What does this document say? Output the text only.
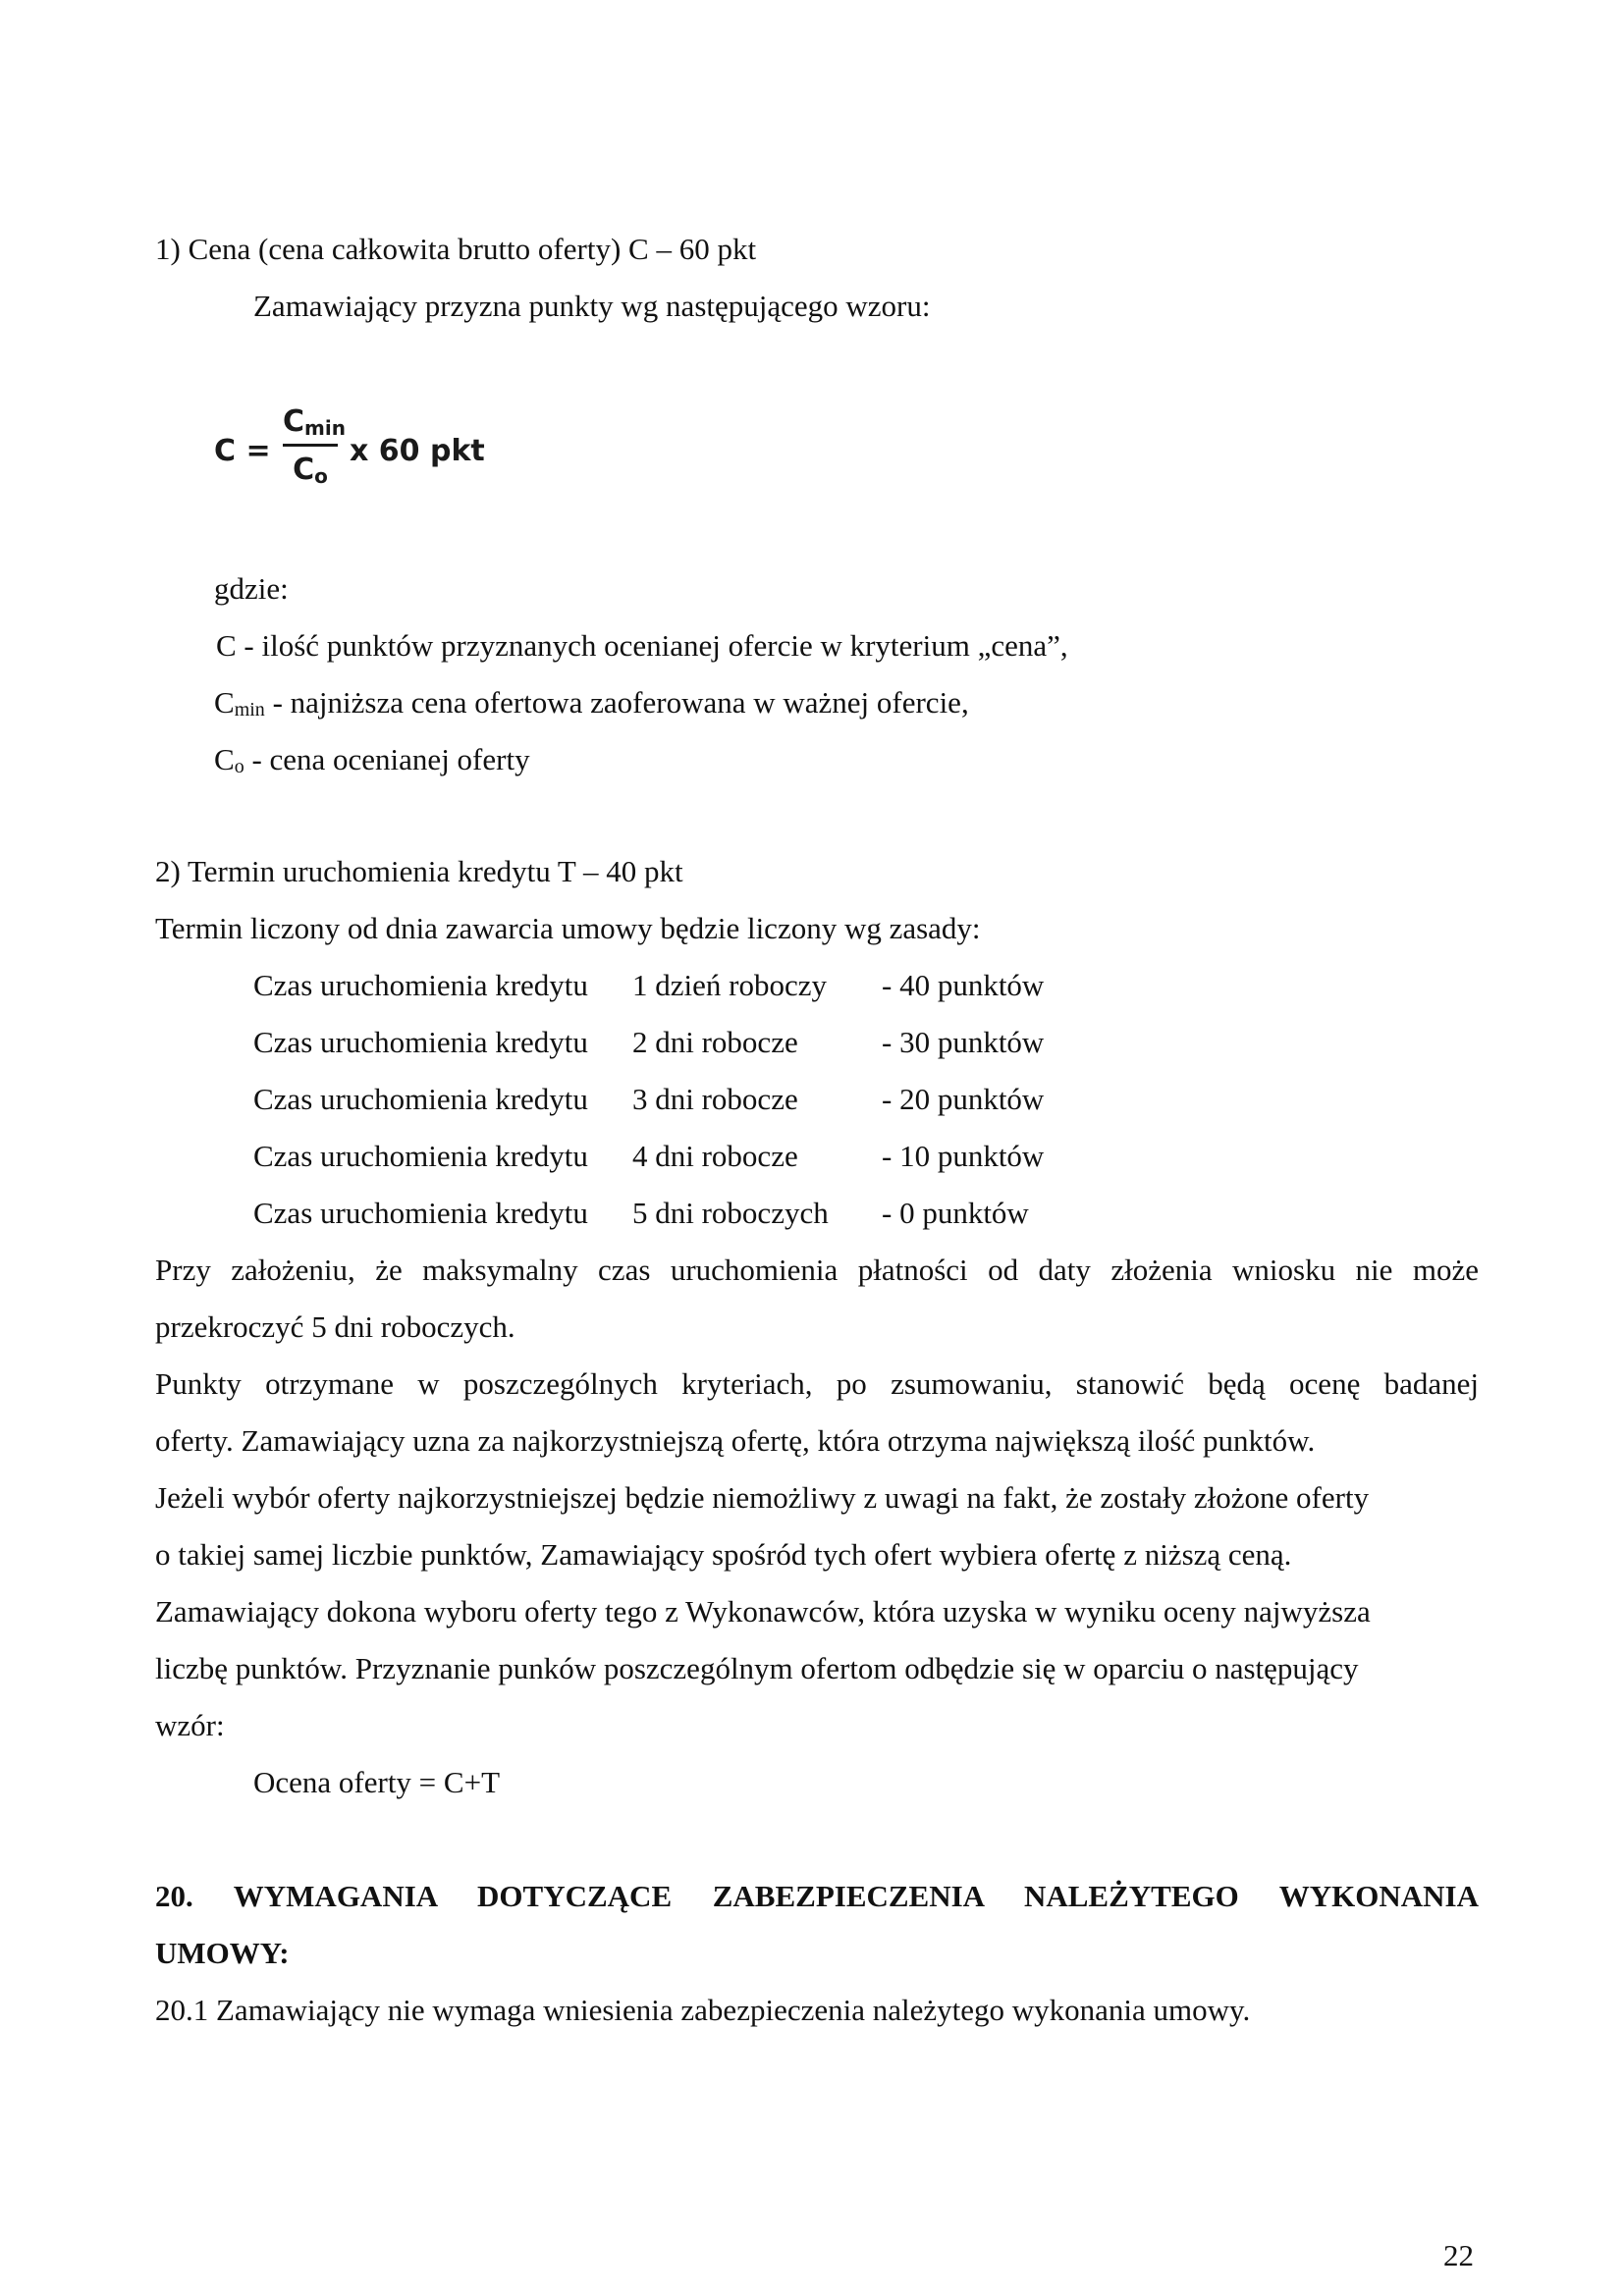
1) Cena (cena całkowita brutto oferty) C – 60 pkt
Zamawiający przyzna punkty wg następującego wzoru:
C =
$C_{min}$
$C_o$
x 60 pkt
gdzie:
C - ilość punktów przyznanych ocenianej ofercie w kryterium „cena”,
Cmin - najniższa cena ofertowa zaoferowana w ważnej ofercie,
Co - cena ocenianej oferty
2) Termin uruchomienia kredytu T – 40 pkt
Termin liczony od dnia zawarcia umowy będzie liczony wg zasady:
Czas uruchomienia kredytu 1 dzień roboczy - 40 punktów
Czas uruchomienia kredytu 2 dni robocze	- 30 punktów
Czas uruchomienia kredytu 3 dni robocze	- 20 punktów
Czas uruchomienia kredytu 4 dni robocze	- 10 punktów
Czas uruchomienia kredytu 5 dni roboczych - 0 punktów
Przy założeniu, że maksymalny czas uruchomienia płatności od daty złożenia wniosku nie może
przekroczyć 5 dni roboczych.
Punkty otrzymane w poszczególnych kryteriach, po zsumowaniu, stanowić będą ocenę badanej
oferty. Zamawiający uzna za najkorzystniejszą ofertę, która otrzyma największą ilość punktów.
Jeżeli wybór oferty najkorzystniejszej będzie niemożliwy z uwagi na fakt, że zostały złożone oferty
o takiej samej liczbie punktów, Zamawiający spośród tych ofert wybiera ofertę z niższą ceną.
Zamawiający dokona wyboru oferty tego z Wykonawców, która uzyska w wyniku oceny najwyższa
liczbę punktów. Przyznanie punków poszczególnym ofertom odbędzie się w oparciu o następujący
wzór:
Ocena oferty = C+T
20. WYMAGANIA DOTYCZĄCE ZABEZPIECZENIA NALEŻYTEGO WYKONANIA
UMOWY:
20.1 Zamawiający nie wymaga wniesienia zabezpieczenia należytego wykonania umowy.
22
